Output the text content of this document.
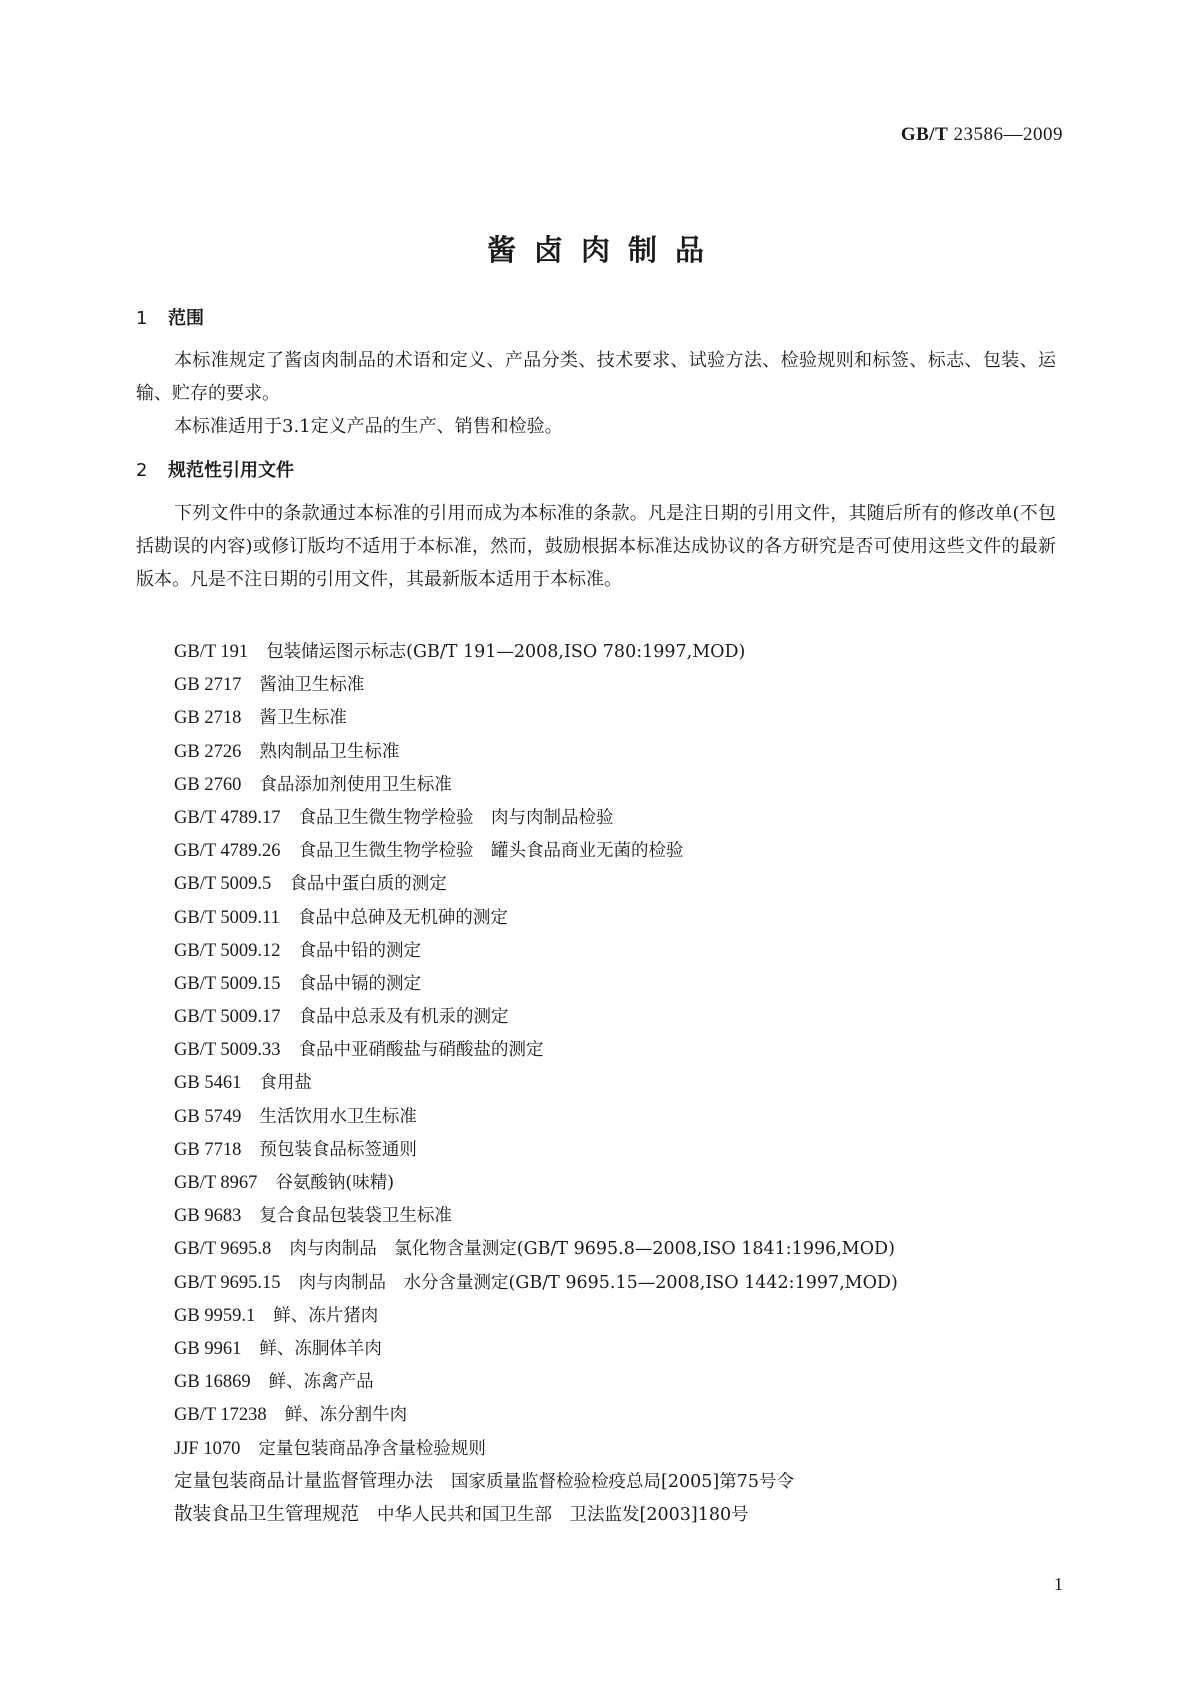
GB/T 23586—2009
酱卤肉制品
1 范围
本标准规定了酱卤肉制品的术语和定义、产品分类、技术要求、试验方法、检验规则和标签、标志、包装、运输、贮存的要求。
本标准适用于3.1定义产品的生产、销售和检验。
2 规范性引用文件
下列文件中的条款通过本标准的引用而成为本标准的条款。凡是注日期的引用文件，其随后所有的修改单(不包括勘误的内容)或修订版均不适用于本标准，然而，鼓励根据本标准达成协议的各方研究是否可使用这些文件的最新版本。凡是不注日期的引用文件，其最新版本适用于本标准。
GB/T 191 包装储运图示标志(GB/T 191—2008,ISO 780:1997,MOD)
GB 2717 酱油卫生标准
GB 2718 酱卫生标准
GB 2726 熟肉制品卫生标准
GB 2760 食品添加剂使用卫生标准
GB/T 4789.17 食品卫生微生物学检验　肉与肉制品检验
GB/T 4789.26 食品卫生微生物学检验　罐头食品商业无菌的检验
GB/T 5009.5 食品中蛋白质的测定
GB/T 5009.11 食品中总砷及无机砷的测定
GB/T 5009.12 食品中铅的测定
GB/T 5009.15 食品中镉的测定
GB/T 5009.17 食品中总汞及有机汞的测定
GB/T 5009.33 食品中亚硝酸盐与硝酸盐的测定
GB 5461 食用盐
GB 5749 生活饮用水卫生标准
GB 7718 预包装食品标签通则
GB/T 8967 谷氨酸钠(味精)
GB 9683 复合食品包装袋卫生标准
GB/T 9695.8 肉与肉制品　氯化物含量测定(GB/T 9695.8—2008,ISO 1841:1996,MOD)
GB/T 9695.15 肉与肉制品　水分含量测定(GB/T 9695.15—2008,ISO 1442:1997,MOD)
GB 9959.1 鲜、冻片猪肉
GB 9961 鲜、冻胴体羊肉
GB 16869 鲜、冻禽产品
GB/T 17238 鲜、冻分割牛肉
JJF 1070 定量包装商品净含量检验规则
定量包装商品计量监督管理办法 国家质量监督检验检疫总局[2005]第75号令
散装食品卫生管理规范 中华人民共和国卫生部　卫法监发[2003]180号
1
